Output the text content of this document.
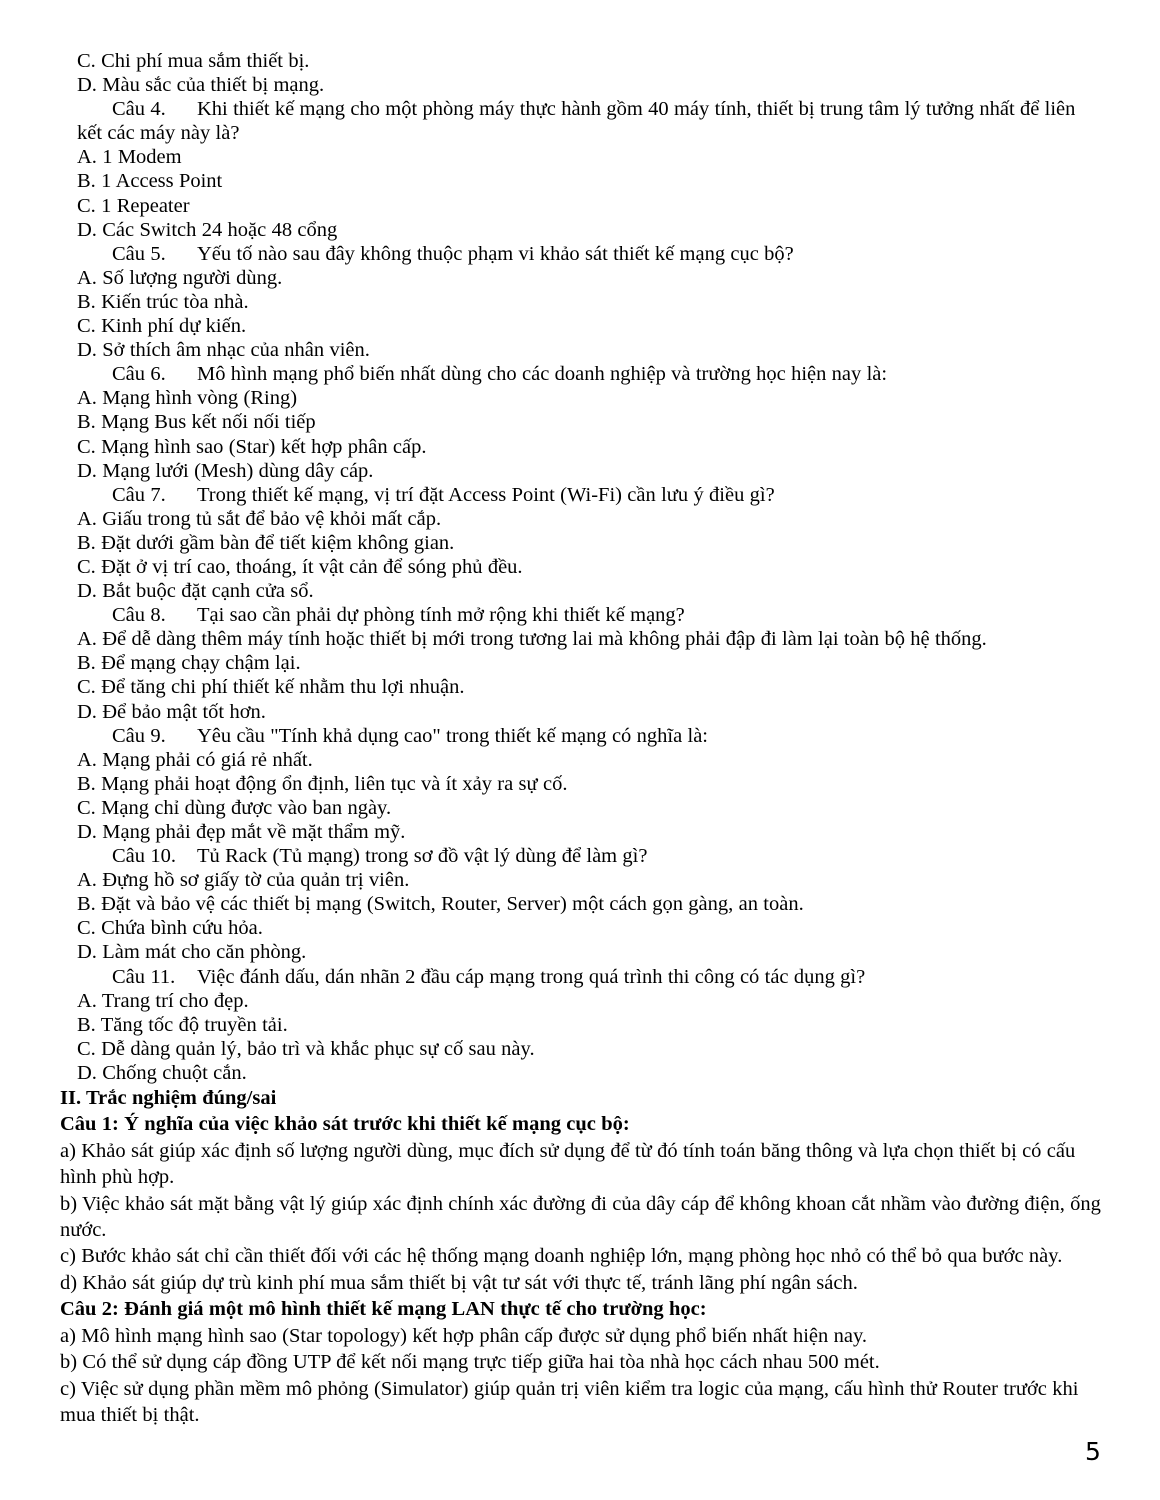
C. Chi phí mua sắm thiết bị.

D. Màu sắc của thiết bị mạng.

Câu 4. Khi thiết kế mạng cho một phòng máy thực hành gồm 40 máy tính, thiết bị trung tâm lý tưởng nhất để liên kết các máy này là?

A. 1 Modem

B. 1 Access Point

C. 1 Repeater

D. Các Switch 24 hoặc 48 cổng

Câu 5. Yếu tố nào sau đây không thuộc phạm vi khảo sát thiết kế mạng cục bộ?

A. Số lượng người dùng.

B. Kiến trúc tòa nhà.

C. Kinh phí dự kiến.

D. Sở thích âm nhạc của nhân viên.

Câu 6. Mô hình mạng phổ biến nhất dùng cho các doanh nghiệp và trường học hiện nay là:

A. Mạng hình vòng (Ring)

B. Mạng Bus kết nối nối tiếp

C. Mạng hình sao (Star) kết hợp phân cấp.

D. Mạng lưới (Mesh) dùng dây cáp.

Câu 7. Trong thiết kế mạng, vị trí đặt Access Point (Wi-Fi) cần lưu ý điều gì?

A. Giấu trong tủ sắt để bảo vệ khỏi mất cắp.

B. Đặt dưới gầm bàn để tiết kiệm không gian.

C. Đặt ở vị trí cao, thoáng, ít vật cản để sóng phủ đều.

D. Bắt buộc đặt cạnh cửa sổ.

Câu 8. Tại sao cần phải dự phòng tính mở rộng khi thiết kế mạng?

A. Để dễ dàng thêm máy tính hoặc thiết bị mới trong tương lai mà không phải đập đi làm lại toàn bộ hệ thống.

B. Để mạng chạy chậm lại.

C. Để tăng chi phí thiết kế nhằm thu lợi nhuận.

D. Để bảo mật tốt hơn.

Câu 9. Yêu cầu "Tính khả dụng cao" trong thiết kế mạng có nghĩa là:

A. Mạng phải có giá rẻ nhất.

B. Mạng phải hoạt động ổn định, liên tục và ít xảy ra sự cố.

C. Mạng chỉ dùng được vào ban ngày.

D. Mạng phải đẹp mắt về mặt thẩm mỹ.

Câu 10. Tủ Rack (Tủ mạng) trong sơ đồ vật lý dùng để làm gì?

A. Đựng hồ sơ giấy tờ của quản trị viên.

B. Đặt và bảo vệ các thiết bị mạng (Switch, Router, Server) một cách gọn gàng, an toàn.

C. Chứa bình cứu hỏa.

D. Làm mát cho căn phòng.

Câu 11. Việc đánh dấu, dán nhãn 2 đầu cáp mạng trong quá trình thi công có tác dụng gì?

A. Trang trí cho đẹp.

B. Tăng tốc độ truyền tải.

C. Dễ dàng quản lý, bảo trì và khắc phục sự cố sau này.

D. Chống chuột cắn.

II. Trắc nghiệm đúng/sai

Câu 1: Ý nghĩa của việc khảo sát trước khi thiết kế mạng cục bộ:

a) Khảo sát giúp xác định số lượng người dùng, mục đích sử dụng để từ đó tính toán băng thông và lựa chọn thiết bị có cấu hình phù hợp.

b) Việc khảo sát mặt bằng vật lý giúp xác định chính xác đường đi của dây cáp để không khoan cắt nhầm vào đường điện, ống nước.

c) Bước khảo sát chỉ cần thiết đối với các hệ thống mạng doanh nghiệp lớn, mạng phòng học nhỏ có thể bỏ qua bước này.

d) Khảo sát giúp dự trù kinh phí mua sắm thiết bị vật tư sát với thực tế, tránh lãng phí ngân sách.

Câu 2: Đánh giá một mô hình thiết kế mạng LAN thực tế cho trường học:

a) Mô hình mạng hình sao (Star topology) kết hợp phân cấp được sử dụng phổ biến nhất hiện nay.

b) Có thể sử dụng cáp đồng UTP để kết nối mạng trực tiếp giữa hai tòa nhà học cách nhau 500 mét.

c) Việc sử dụng phần mềm mô phỏng (Simulator) giúp quản trị viên kiểm tra logic của mạng, cấu hình thử Router trước khi mua thiết bị thật.

5
